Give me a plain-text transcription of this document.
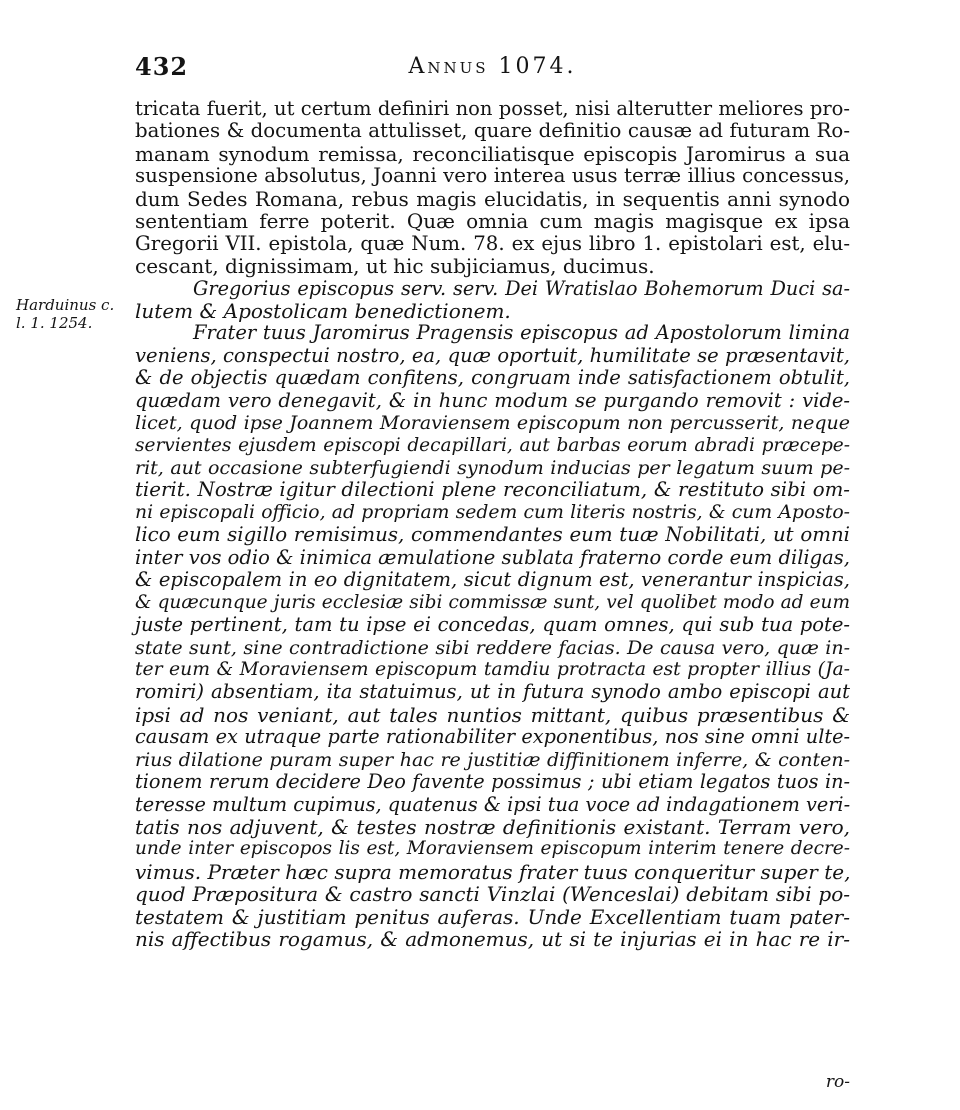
432	Annus 1074.
Harduinus c.
l. 1. 1254.
tricata fuerit, ut certum definiri non posset, nisi alterutter meliores pro-
bationes & documenta attulisset, quare definitio causæ ad futuram Ro-
manam synodum remissa, reconciliatisque episcopis Jaromirus a sua
suspensione absolutus, Joanni vero interea usus terræ illius concessus,
dum Sedes Romana, rebus magis elucidatis, in sequentis anni synodo
sententiam ferre poterit. Quæ omnia cum magis magisque ex ipsa
Gregorii VII. epistola, quæ Num. 78. ex ejus libro 1. epistolari est, elu-
cescant, dignissimam, ut hic subjiciamus, ducimus.
Gregorius episcopus serv. serv. Dei Wratislao Bohemorum Duci sa-
lutem & Apostolicam benedictionem.
Frater tuus Jaromirus Pragensis episcopus ad Apostolorum limina
veniens, conspectui nostro, ea, quæ oportuit, humilitate se præsentavit,
& de objectis quædam confitens, congruam inde satisfactionem obtulit,
quædam vero denegavit, & in hunc modum se purgando removit : vide-
licet, quod ipse Joannem Moraviensem episcopum non percusserit, neque
servientes ejusdem episcopi decapillari, aut barbas eorum abradi præcepe-
rit, aut occasione subterfugiendi synodum inducias per legatum suum pe-
tierit. Nostræ igitur dilectioni plene reconciliatum, & restituto sibi om-
ni episcopali officio, ad propriam sedem cum literis nostris, & cum Aposto-
lico eum sigillo remisimus, commendantes eum tuæ Nobilitati, ut omni
inter vos odio & inimica æmulatione sublata fraterno corde eum diligas,
& episcopalem in eo dignitatem, sicut dignum est, venerantur inspicias,
& quæcunque juris ecclesiæ sibi commissæ sunt, vel quolibet modo ad eum
juste pertinent, tam tu ipse ei concedas, quam omnes, qui sub tua pote-
state sunt, sine contradictione sibi reddere facias. De causa vero, quæ in-
ter eum & Moraviensem episcopum tamdiu protracta est propter illius (Ja-
romiri) absentiam, ita statuimus, ut in futura synodo ambo episcopi aut
ipsi ad nos veniant, aut tales nuntios mittant, quibus præsentibus &
causam ex utraque parte rationabiliter exponentibus, nos sine omni ulte-
rius dilatione puram super hac re justitiæ diffinitionem inferre, & conten-
tionem rerum decidere Deo favente possimus ; ubi etiam legatos tuos in-
teresse multum cupimus, quatenus & ipsi tua voce ad indagationem veri-
tatis nos adjuvent, & testes nostræ definitionis existant. Terram vero,
unde inter episcopos lis est, Moraviensem episcopum interim tenere decre-
vimus. Præter hæc supra memoratus frater tuus conqueritur super te,
quod Præpositura & castro sancti Vinzlai (Wenceslai) debitam sibi po-
testatem & justitiam penitus auferas. Unde Excellentiam tuam pater-
nis affectibus rogamus, & admonemus, ut si te injurias ei in hac re ir-
ro-
